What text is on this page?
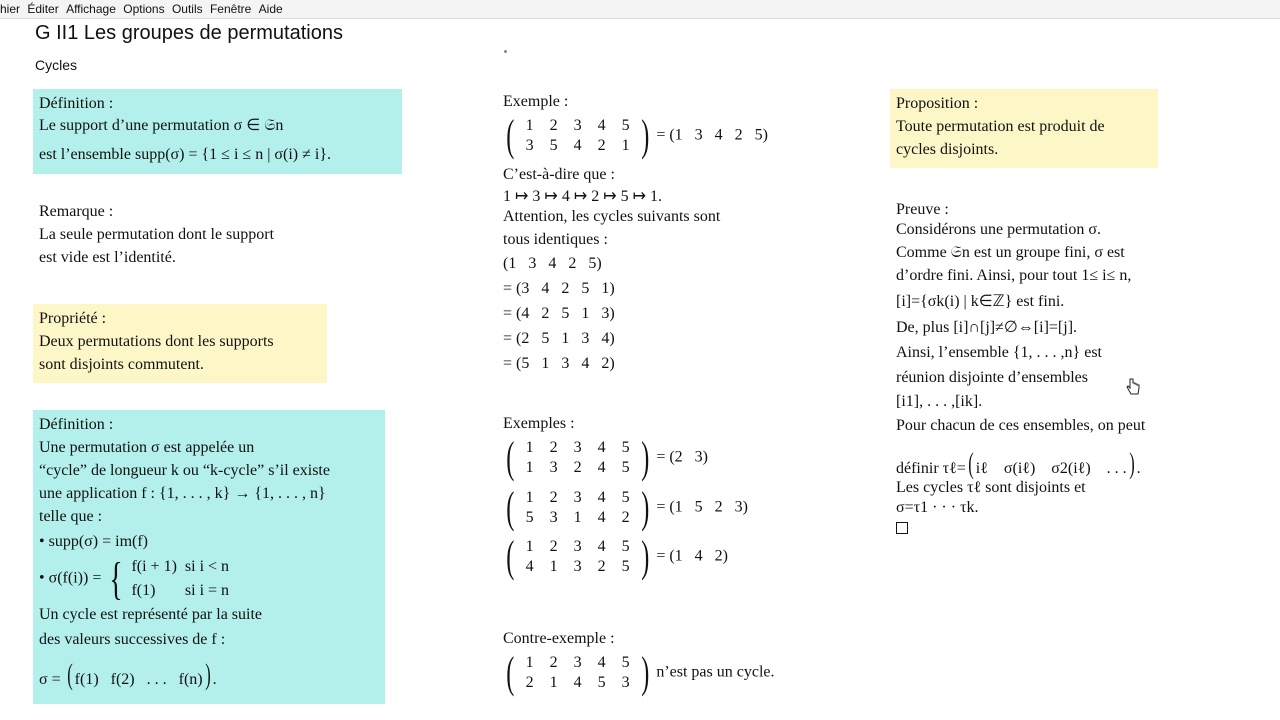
hier Éditer Affichage Options Outils Fenêtre Aide
G II1 Les groupes de permutations
Cycles
Définition :
Le support d’une permutation σ ∈ 𝔖n
est l’ensemble supp(σ) = {1 ≤ i ≤ n | σ(i) ≠ i}.
Remarque :
La seule permutation dont le support
est vide est l’identité.
Propriété :
Deux permutations dont les supports
sont disjoints commutent.
Définition :
Une permutation σ est appelée un
“cycle” de longueur k ou “k-cycle” s’il existe
une application f : {1, . . . , k} → {1, . . . , n}
telle que :
• supp(σ) = im(f)
• σ(f(i)) = { f(i + 1)	si i < n
f(1)	si i = n
Un cycle est représenté par la suite
des valeurs successives de f :
σ = ( f(1)   f(2)   . . .   f(n)) .
Exemple :
( 1	2	3	4	5
3	5	4	2	1 ) = (1   3   4   2   5)
C’est-à-dire que :
1 ↦ 3 ↦ 4 ↦ 2 ↦ 5 ↦ 1.
Attention, les cycles suivants sont
tous identiques :
(1   3   4   2   5)
= (3   4   2   5   1)
= (4   2   5   1   3)
= (2   5   1   3   4)
= (5   1   3   4   2)
Exemples :
( 1	2	3	4	5
1	3	2	4	5 ) = (2   3)
( 1	2	3	4	5
5	3	1	4	2 ) = (1   5   2   3)
( 1	2	3	4	5
4	1	3	2	5 ) = (1   4   2)
Contre-exemple :
( 1	2	3	4	5
2	1	4	5	3 ) n’est pas un cycle.
Proposition :
Toute permutation est produit de
cycles disjoints.
Preuve :
Considérons une permutation σ.
Comme 𝔖n est un groupe fini, σ est
d’ordre fini. Ainsi, pour tout 1≤ i≤ n,
[i]={σk(i) | k∈ℤ} est fini.
De, plus [i]∩[j]≠∅⇔[i]=[j].
Ainsi, l’ensemble {1, . . . ,n} est
réunion disjointe d’ensembles
[i1], . . . ,[ik].
Pour chacun de ces ensembles, on peut
définir τℓ=( iℓ    σ(iℓ)    σ2(iℓ)    . . .) .
Les cycles τℓ sont disjoints et
σ=τ1 · · · τk.
